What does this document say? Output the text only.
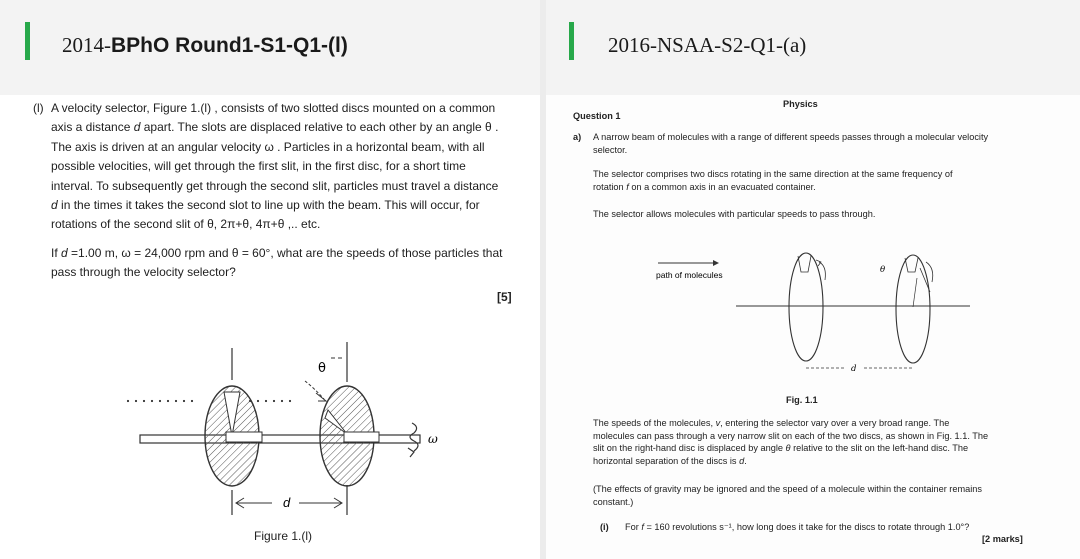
2014-BPhO Round1-S1-Q1-(l)
(l) A velocity selector, Figure 1.(l) , consists of two slotted discs mounted on a common
axis a distance d apart. The slots are displaced relative to each other by an angle θ .
The axis is driven at an angular velocity ω . Particles in a horizontal beam, with all
possible velocities, will get through the first slit, in the first disc, for a short time
interval. To subsequently get through the second slit, particles must travel a distance
d in the times it takes the second slot to line up with the beam. This will occur, for
rotations of the second slit of θ, 2π+θ, 4π+θ ,.. etc.
If d =1.00 m, ω = 24,000 rpm and θ = 60°, what are the speeds of those particles that
pass through the velocity selector?
[5]
θ
ω
d
Figure 1.(l)
2016-NSAA-S2-Q1-(a)
Physics
Question 1
a) A narrow beam of molecules with a range of different speeds passes through a molecular velocity
selector.
The selector comprises two discs rotating in the same direction at the same frequency of
rotation f on a common axis in an evacuated container.
The selector allows molecules with particular speeds to pass through.
path of molecules	θ
d
Fig. 1.1
The speeds of the molecules, v, entering the selector vary over a very broad range. The
molecules can pass through a very narrow slit on each of the two discs, as shown in Fig. 1.1. The
slit on the right-hand disc is displaced by angle θ relative to the slit on the left-hand disc. The
horizontal separation of the discs is d.
(The effects of gravity may be ignored and the speed of a molecule within the container remains
constant.)
(i) For f = 160 revolutions s⁻¹, how long does it take for the discs to rotate through 1.0°?
[2 marks]
